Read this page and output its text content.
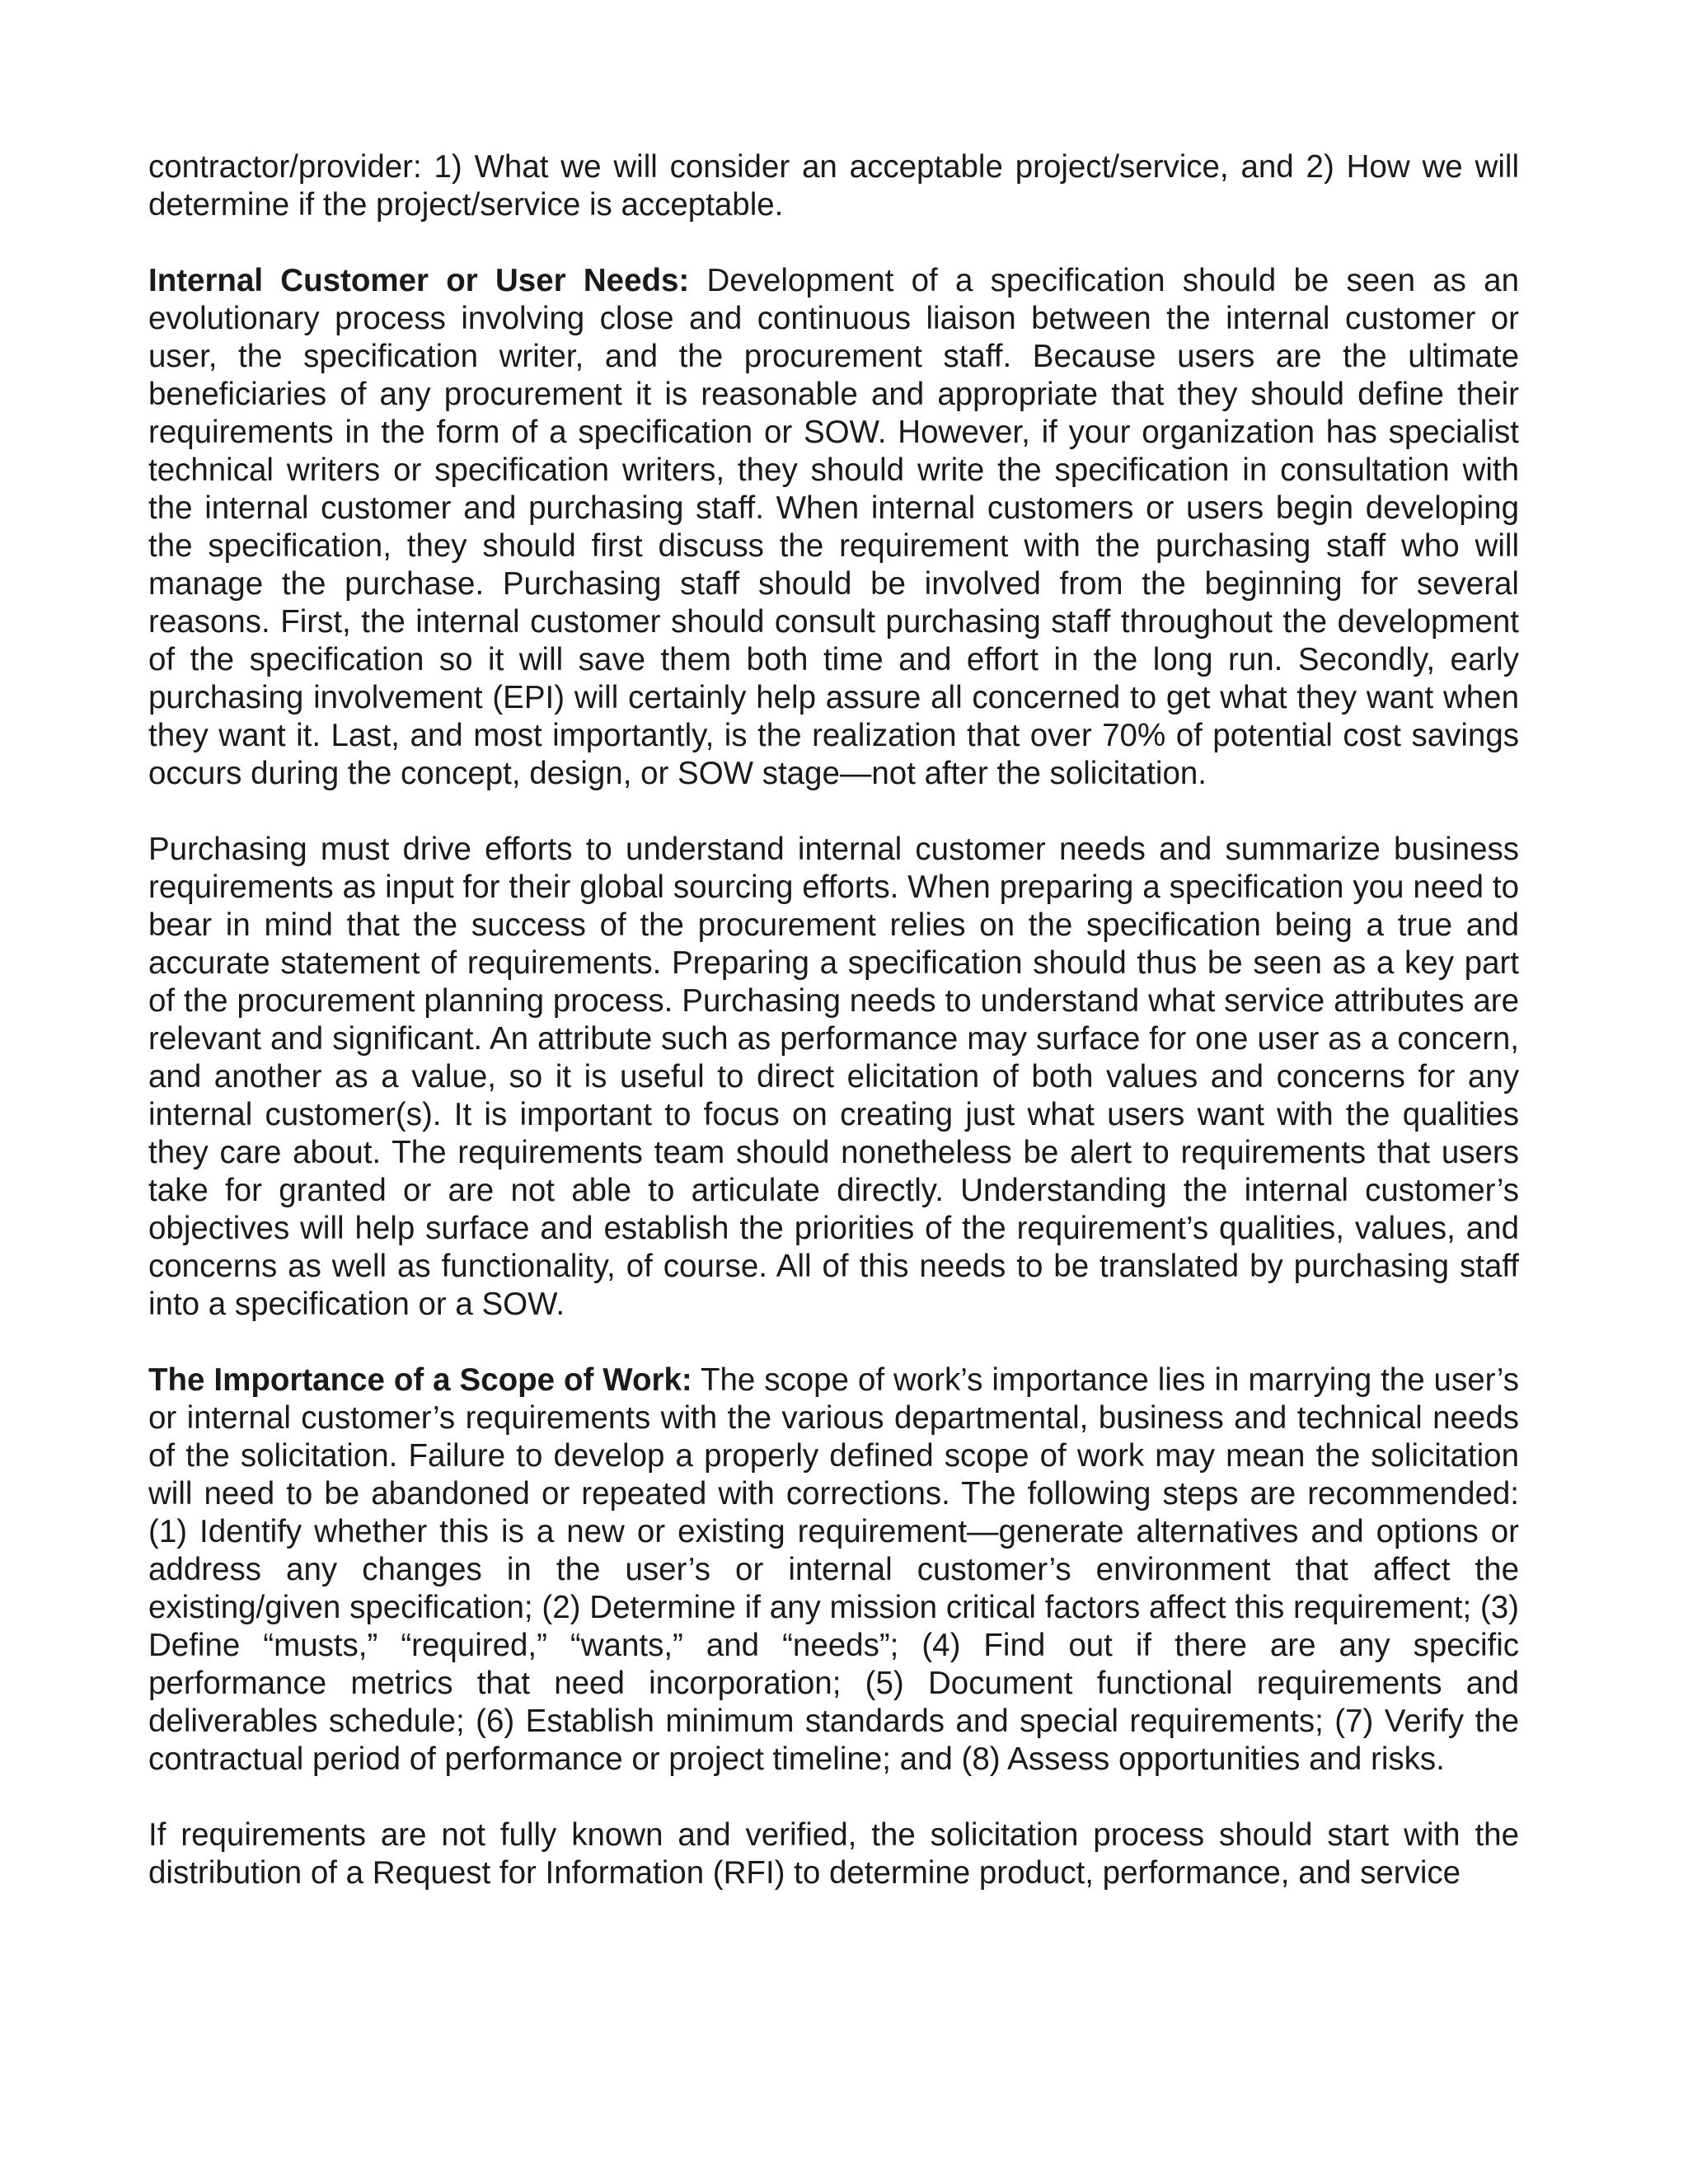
contractor/provider: 1) What we will consider an acceptable project/service, and 2) How we will determine if the project/service is acceptable.

Internal Customer or User Needs: Development of a specification should be seen as an evolutionary process involving close and continuous liaison between the internal customer or user, the specification writer, and the procurement staff. Because users are the ultimate beneficiaries of any procurement it is reasonable and appropriate that they should define their requirements in the form of a specification or SOW. However, if your organization has specialist technical writers or specification writers, they should write the specification in consultation with the internal customer and purchasing staff. When internal customers or users begin developing the specification, they should first discuss the requirement with the purchasing staff who will manage the purchase. Purchasing staff should be involved from the beginning for several reasons. First, the internal customer should consult purchasing staff throughout the development of the specification so it will save them both time and effort in the long run. Secondly, early purchasing involvement (EPI) will certainly help assure all concerned to get what they want when they want it. Last, and most importantly, is the realization that over 70% of potential cost savings occurs during the concept, design, or SOW stage—not after the solicitation.

Purchasing must drive efforts to understand internal customer needs and summarize business requirements as input for their global sourcing efforts. When preparing a specification you need to bear in mind that the success of the procurement relies on the specification being a true and accurate statement of requirements. Preparing a specification should thus be seen as a key part of the procurement planning process. Purchasing needs to understand what service attributes are relevant and significant. An attribute such as performance may surface for one user as a concern, and another as a value, so it is useful to direct elicitation of both values and concerns for any internal customer(s). It is important to focus on creating just what users want with the qualities they care about. The requirements team should nonetheless be alert to requirements that users take for granted or are not able to articulate directly. Understanding the internal customer’s objectives will help surface and establish the priorities of the requirement’s qualities, values, and concerns as well as functionality, of course. All of this needs to be translated by purchasing staff into a specification or a SOW.

The Importance of a Scope of Work: The scope of work’s importance lies in marrying the user’s or internal customer’s requirements with the various departmental, business and technical needs of the solicitation. Failure to develop a properly defined scope of work may mean the solicitation will need to be abandoned or repeated with corrections. The following steps are recommended: (1) Identify whether this is a new or existing requirement—generate alternatives and options or address any changes in the user’s or internal customer’s environment that affect the existing/given specification; (2) Determine if any mission critical factors affect this requirement; (3) Define “musts,” “required,” “wants,” and “needs”; (4) Find out if there are any specific performance metrics that need incorporation; (5) Document functional requirements and deliverables schedule; (6) Establish minimum standards and special requirements; (7) Verify the contractual period of performance or project timeline; and (8) Assess opportunities and risks.

If requirements are not fully known and verified, the solicitation process should start with the distribution of a Request for Information (RFI) to determine product, performance, and service
